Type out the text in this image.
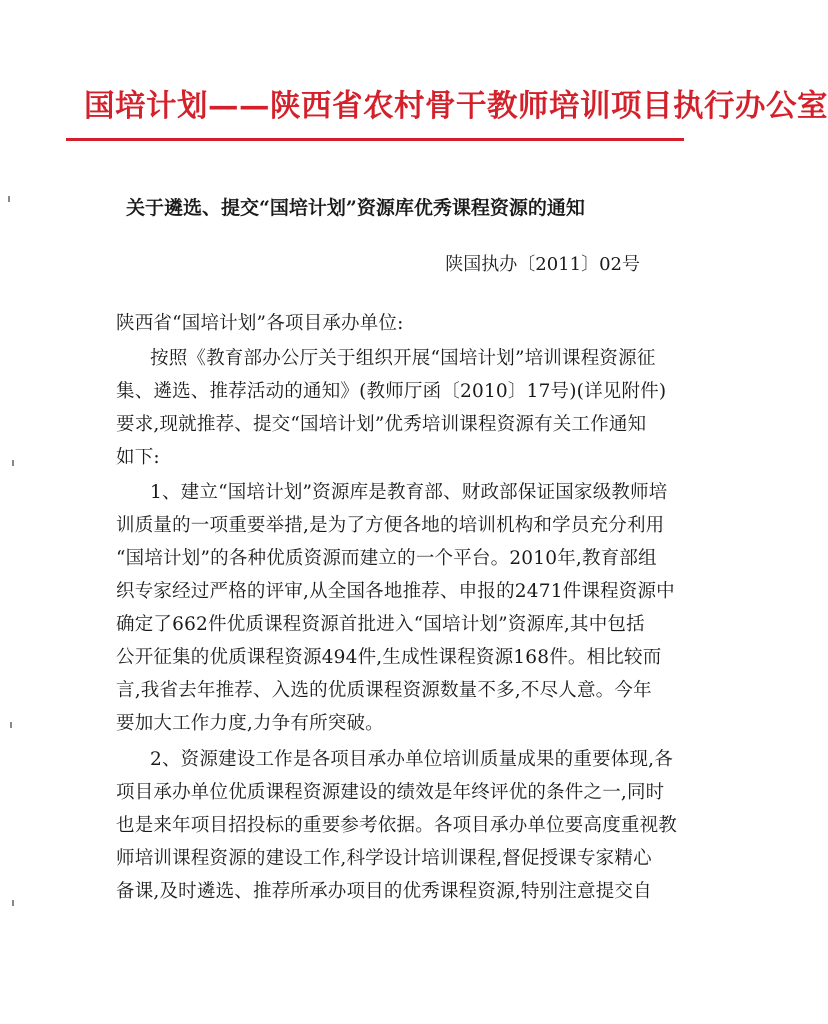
国培计划——陕西省农村骨干教师培训项目执行办公室
关于遴选、提交“国培计划”资源库优秀课程资源的通知
陕国执办〔2011〕02号
陕西省“国培计划”各项目承办单位:
按照《教育部办公厅关于组织开展“国培计划”培训课程资源征
集、遴选、推荐活动的通知》(教师厅函〔2010〕17号)(详见附件)
要求,现就推荐、提交“国培计划”优秀培训课程资源有关工作通知
如下:
1、建立“国培计划”资源库是教育部、财政部保证国家级教师培
训质量的一项重要举措,是为了方便各地的培训机构和学员充分利用
“国培计划”的各种优质资源而建立的一个平台。2010年,教育部组
织专家经过严格的评审,从全国各地推荐、申报的2471件课程资源中
确定了662件优质课程资源首批进入“国培计划”资源库,其中包括
公开征集的优质课程资源494件,生成性课程资源168件。相比较而
言,我省去年推荐、入选的优质课程资源数量不多,不尽人意。今年
要加大工作力度,力争有所突破。
2、资源建设工作是各项目承办单位培训质量成果的重要体现,各
项目承办单位优质课程资源建设的绩效是年终评优的条件之一,同时
也是来年项目招投标的重要参考依据。各项目承办单位要高度重视教
师培训课程资源的建设工作,科学设计培训课程,督促授课专家精心
备课,及时遴选、推荐所承办项目的优秀课程资源,特别注意提交自
